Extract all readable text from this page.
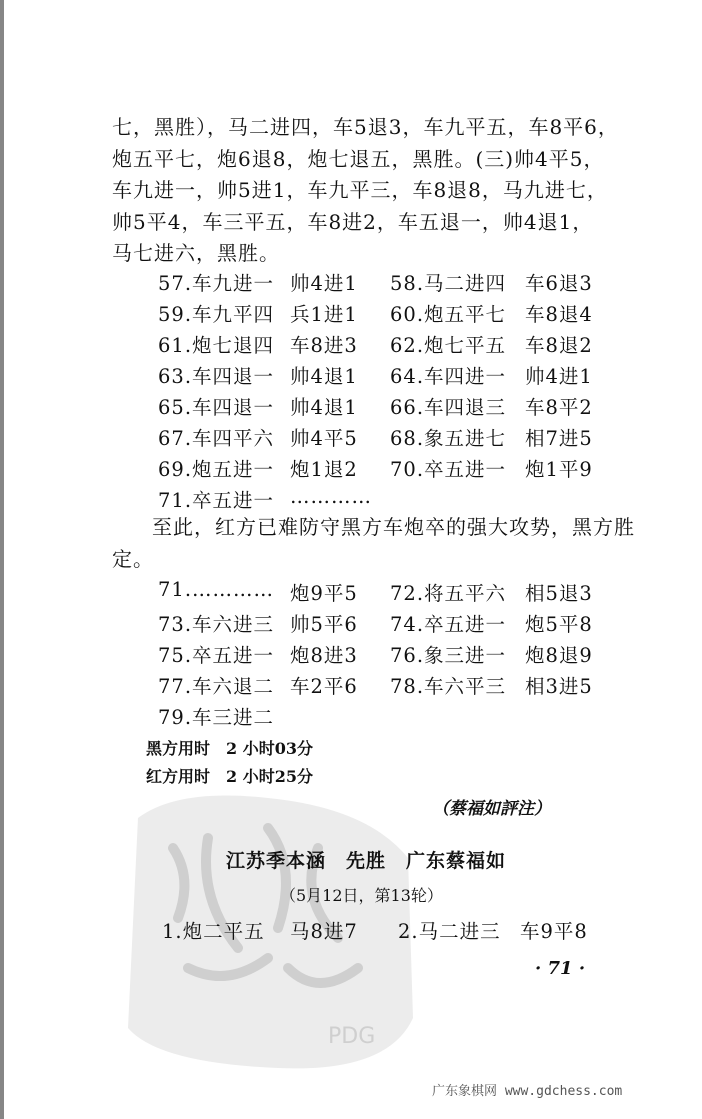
PDG
七，黑胜），马二进四，车5退3，车九平五，车8平6，
炮五平七，炮6退8，炮七退五，黑胜。(三)帅4平5，
车九进一，帅5进1，车九平三，车8退8，马九进七，
帅5平4，车三平五，车8进2，车五退一，帅4退1，
马七进六，黑胜。
57.车九进一 帅4进1 58.马二进四 车6退3
59.车九平四 兵1进1 60.炮五平七 车8退4
61.炮七退四 车8进3 62.炮七平五 车8退2
63.车四退一 帅4退1 64.车四进一 帅4进1
65.车四退一 帅4退1 66.车四退三 车8平2
67.车四平六 帅4平5 68.象五进七 相7进5
69.炮五进一 炮1退2 70.卒五进一 炮1平9
71.卒五进一 …………
至此，红方已难防守黑方车炮卒的强大攻势，黑方胜
定。
71.………… 炮9平5 72.将五平六 相5退3
73.车六进三 帅5平6 74.卒五进一 炮5平8
75.卒五进一 炮8进3 76.象三进一 炮8退9
77.车六退二 车2平6 78.车六平三 相3进5
79.车三进二
黑方用时　2 小时03分
红方用时　2 小时25分
（蔡福如評注）
江苏季本涵　先胜　广东蔡福如
（5月12日，第13轮）
1.炮二平五 马8进7 2.马二进三 车9平8
· 71 ·
广东象棋网 www.gdchess.com
